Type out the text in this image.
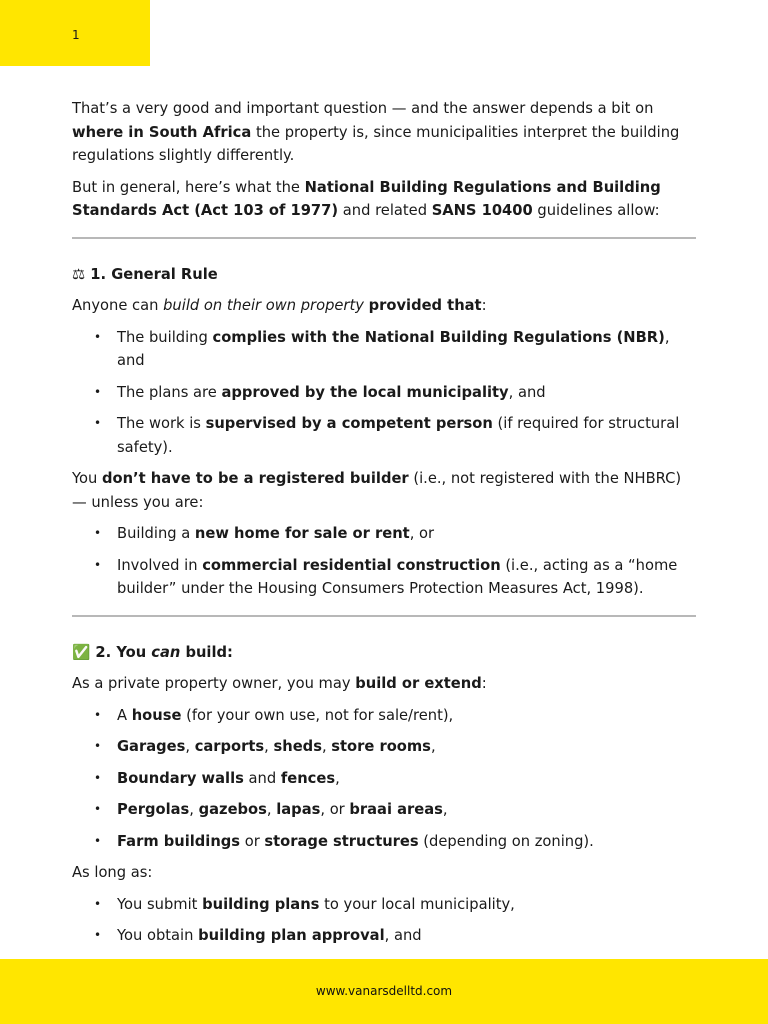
1

That’s a very good and important question — and the answer depends a bit on where in South Africa the property is, since municipalities interpret the building regulations slightly differently.

But in general, here’s what the National Building Regulations and Building Standards Act (Act 103 of 1977) and related SANS 10400 guidelines allow:

⚖ 1. General Rule

Anyone can build on their own property provided that:

• The building complies with the National Building Regulations (NBR), and
• The plans are approved by the local municipality, and
• The work is supervised by a competent person (if required for structural safety).

You don’t have to be a registered builder (i.e., not registered with the NHBRC) — unless you are:

• Building a new home for sale or rent, or
• Involved in commercial residential construction (i.e., acting as a “home builder” under the Housing Consumers Protection Measures Act, 1998).

✅ 2. You can build:

As a private property owner, you may build or extend:

• A house (for your own use, not for sale/rent),
• Garages, carports, sheds, store rooms,
• Boundary walls and fences,
• Pergolas, gazebos, lapas, or braai areas,
• Farm buildings or storage structures (depending on zoning).

As long as:

• You submit building plans to your local municipality,
• You obtain building plan approval, and
www.vanarsdelltd.com
